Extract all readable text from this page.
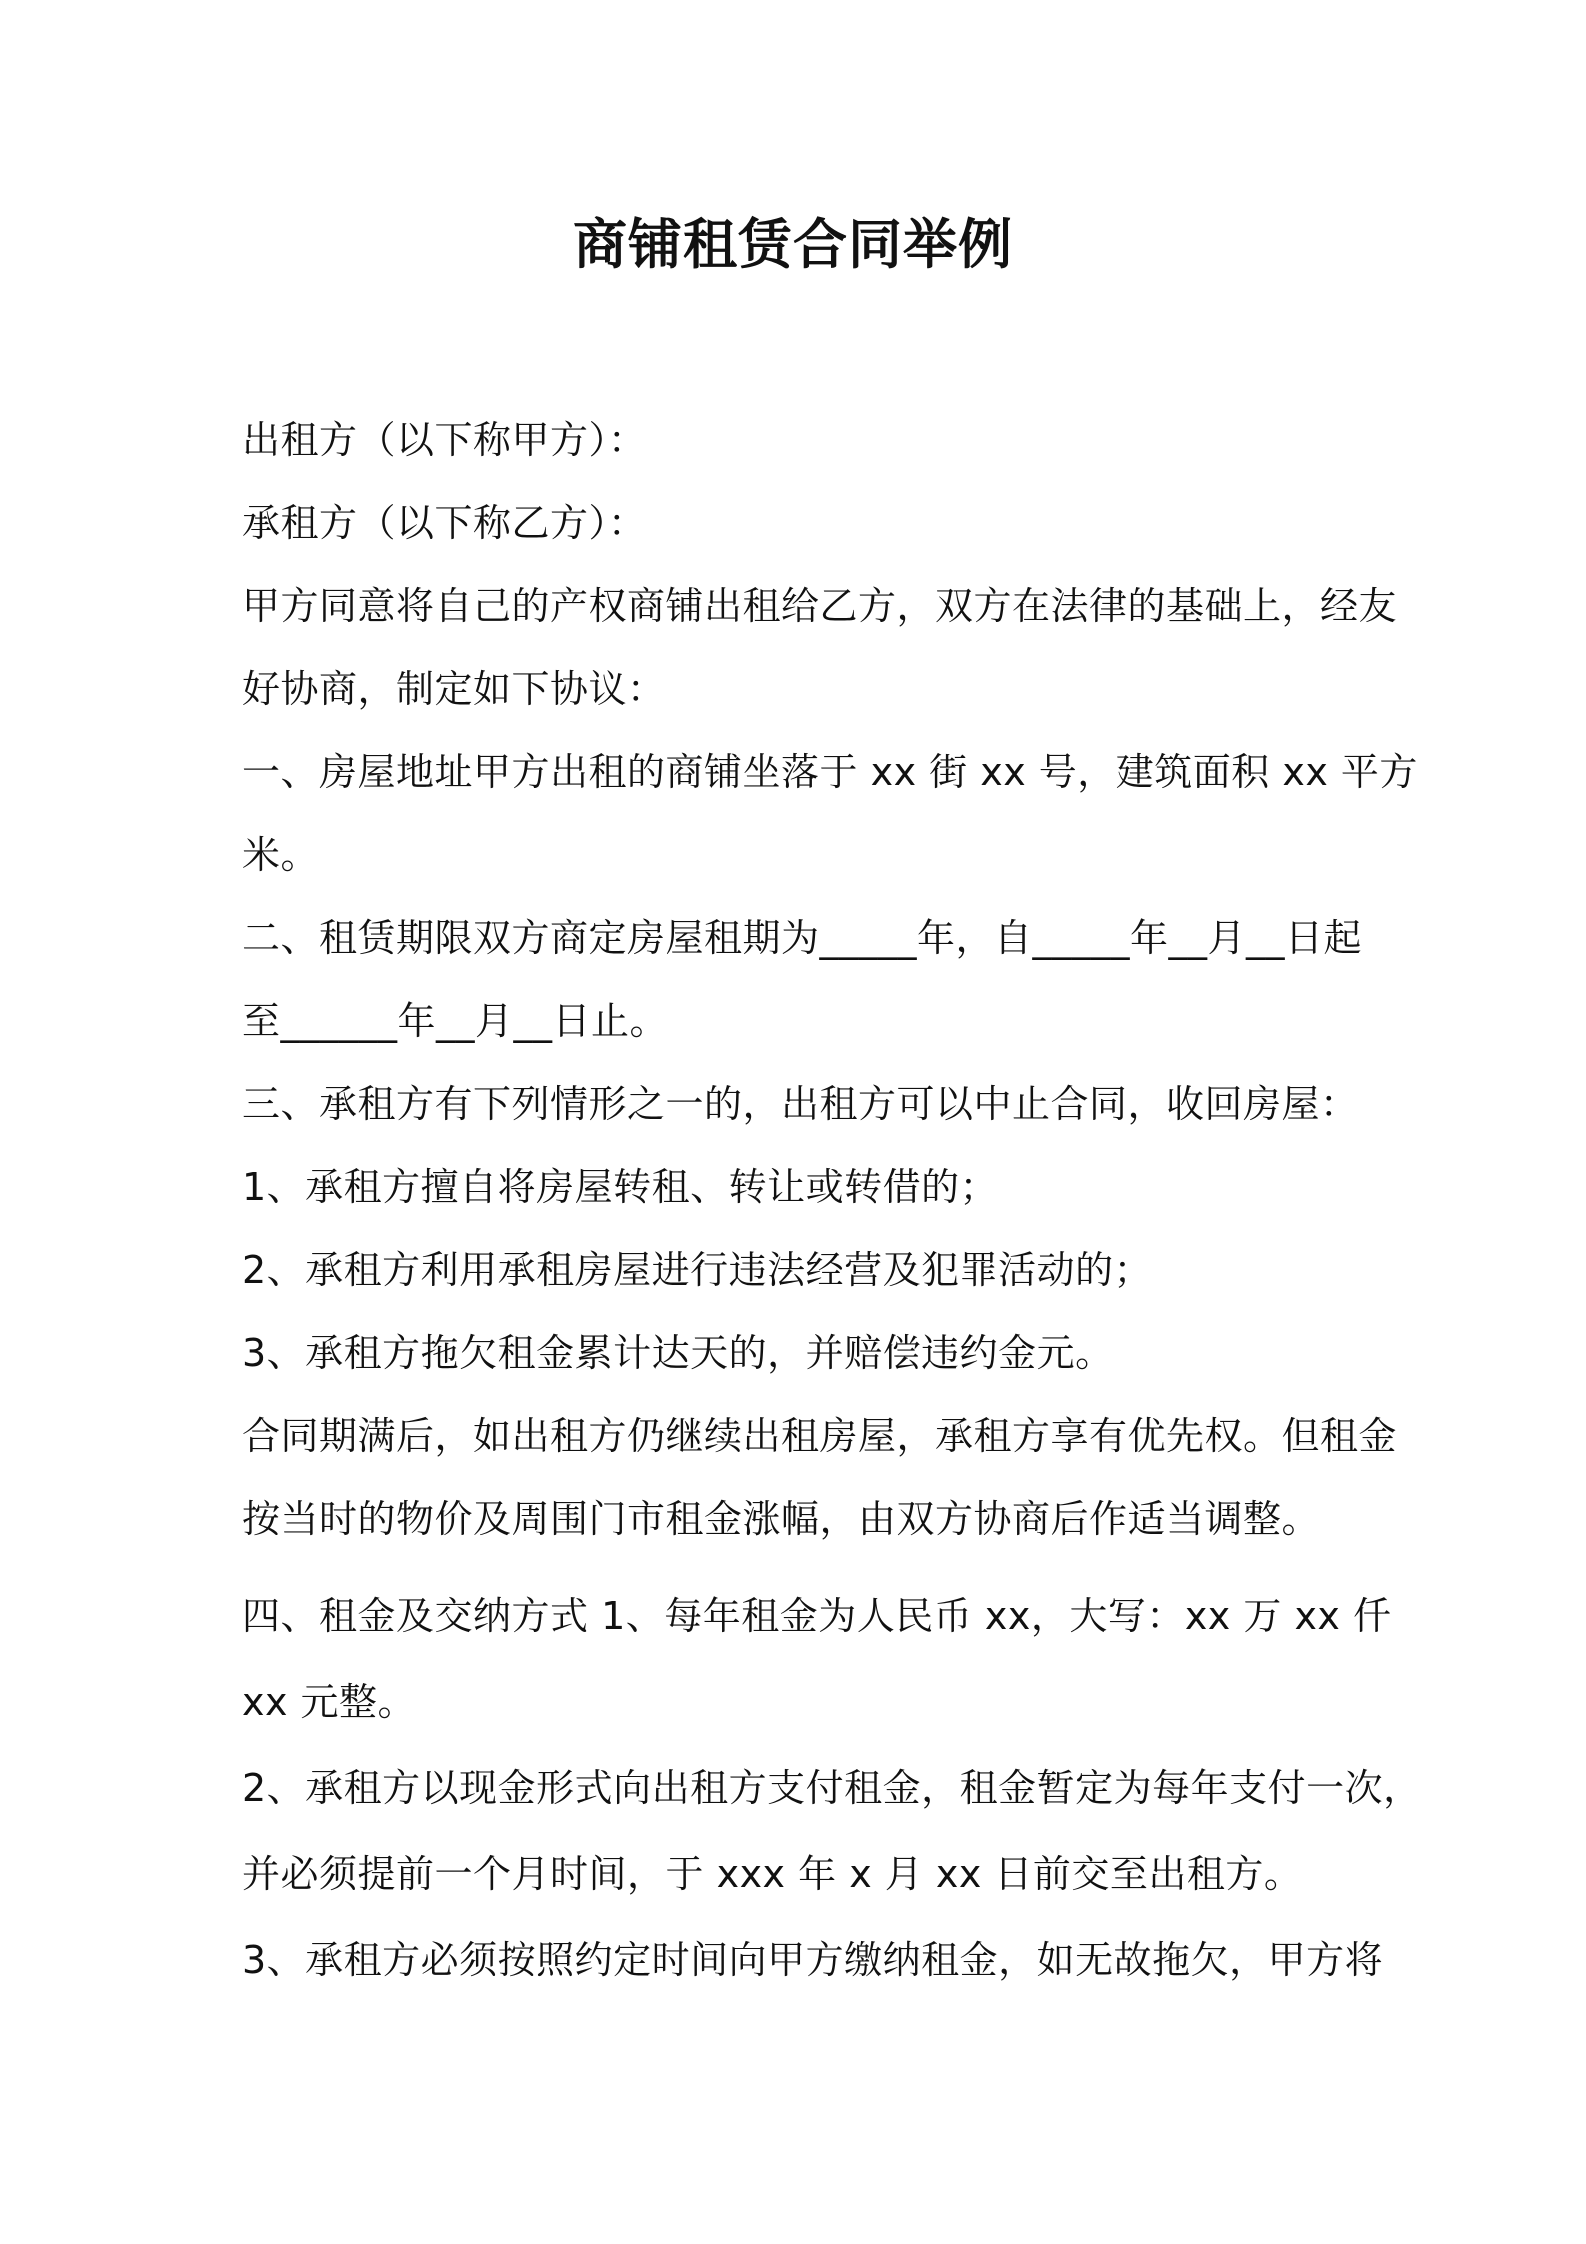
商铺租赁合同举例

出租方（以下称甲方）：

承租方（以下称乙方）：

甲方同意将自己的产权商铺出租给乙方，双方在法律的基础上，经友

好协商，制定如下协议：

一、房屋地址甲方出租的商铺坐落于 xx 街 xx 号，建筑面积 xx 平方

米。

二、租赁期限双方商定房屋租期为_____年，自_____年__月__日起

至______年__月__日止。

三、承租方有下列情形之一的，出租方可以中止合同，收回房屋：

1、承租方擅自将房屋转租、转让或转借的；

2、承租方利用承租房屋进行违法经营及犯罪活动的；

3、承租方拖欠租金累计达天的，并赔偿违约金元。

合同期满后，如出租方仍继续出租房屋，承租方享有优先权。但租金

按当时的物价及周围门市租金涨幅，由双方协商后作适当调整。

四、租金及交纳方式 1、每年租金为人民币 xx，大写：xx 万 xx 仟

xx 元整。

2、承租方以现金形式向出租方支付租金，租金暂定为每年支付一次，

并必须提前一个月时间，于 xxx 年 x 月 xx 日前交至出租方。

3、承租方必须按照约定时间向甲方缴纳租金，如无故拖欠，甲方将
